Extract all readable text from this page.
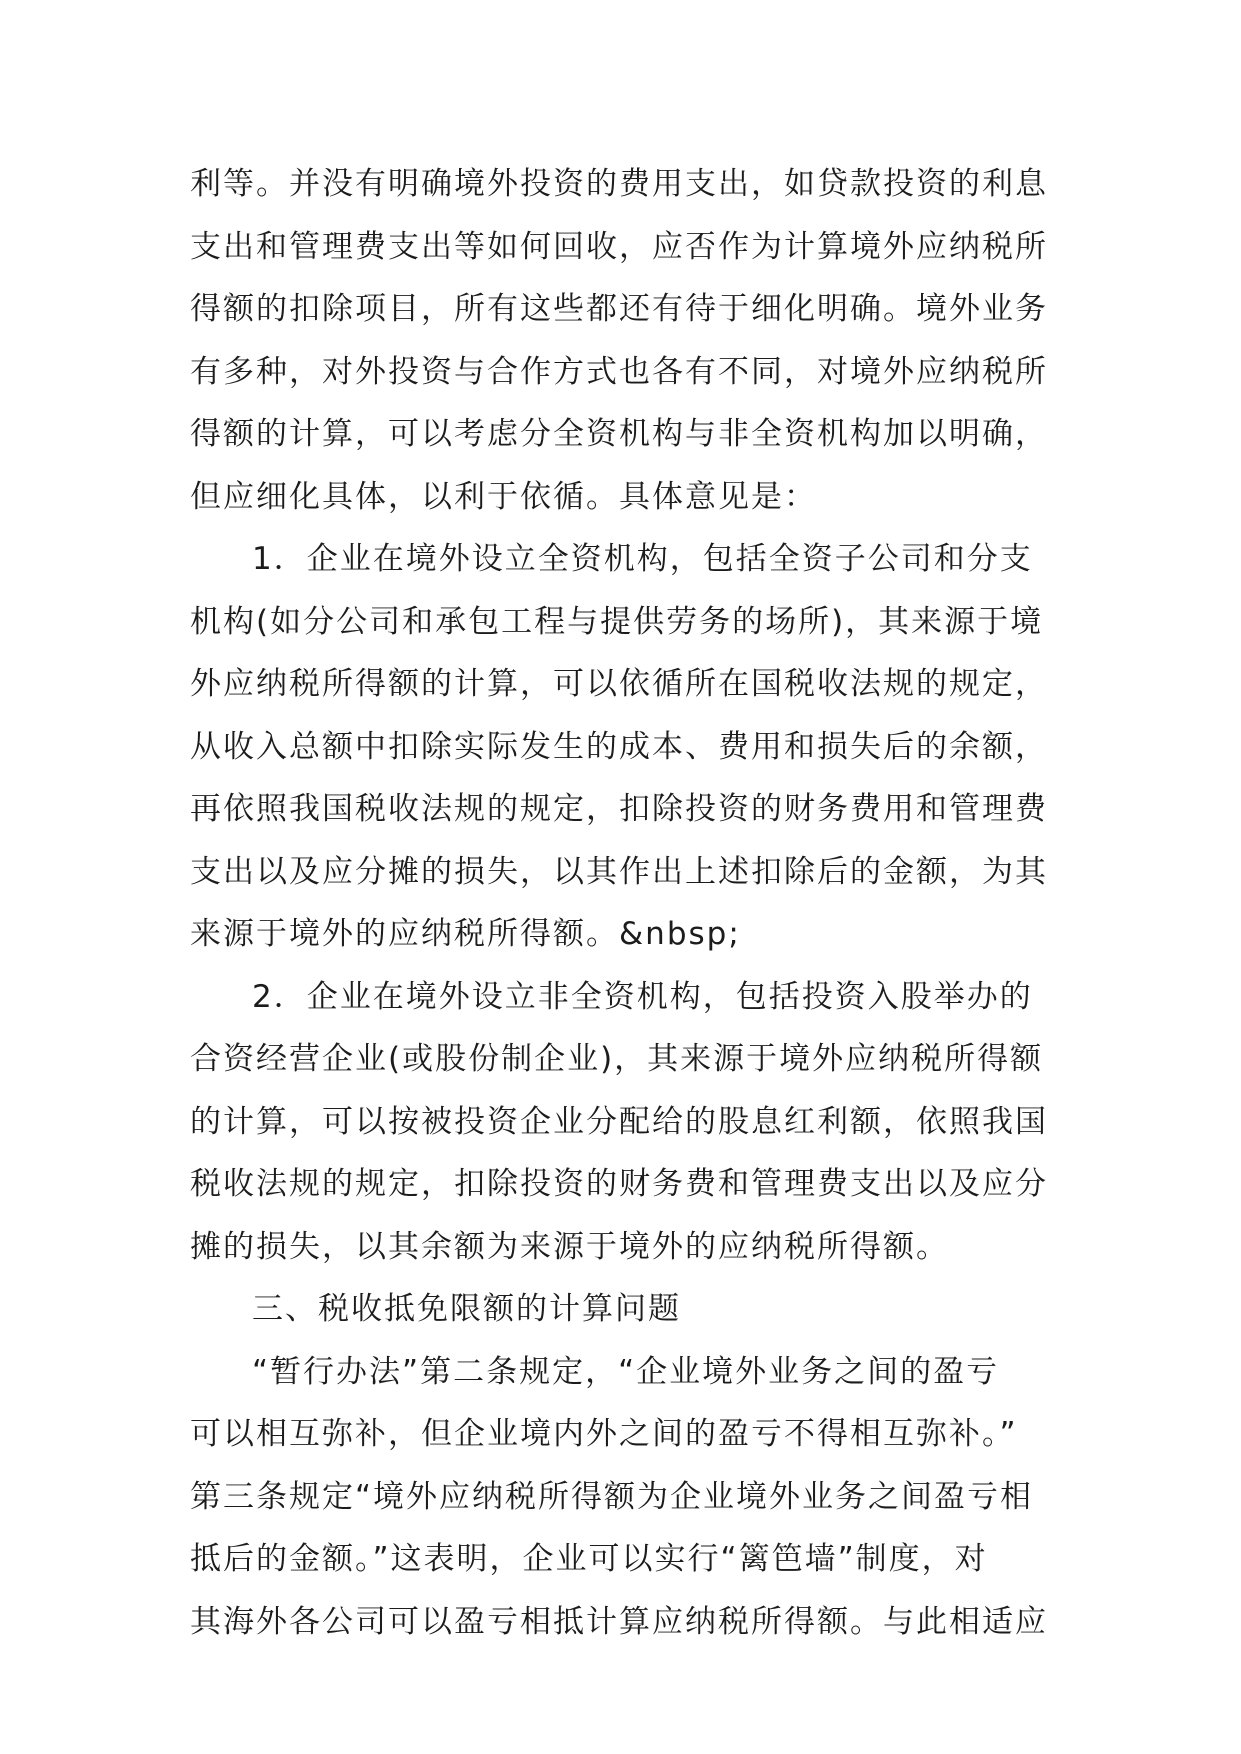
利等。并没有明确境外投资的费用支出，如贷款投资的利息
支出和管理费支出等如何回收，应否作为计算境外应纳税所
得额的扣除项目，所有这些都还有待于细化明确。境外业务
有多种，对外投资与合作方式也各有不同，对境外应纳税所
得额的计算，可以考虑分全资机构与非全资机构加以明确，
但应细化具体，以利于依循。具体意见是：
1．企业在境外设立全资机构，包括全资子公司和分支
机构(如分公司和承包工程与提供劳务的场所)，其来源于境
外应纳税所得额的计算，可以依循所在国税收法规的规定，
从收入总额中扣除实际发生的成本、费用和损失后的余额，
再依照我国税收法规的规定，扣除投资的财务费用和管理费
支出以及应分摊的损失，以其作出上述扣除后的金额，为其
来源于境外的应纳税所得额。&nbsp;
2．企业在境外设立非全资机构，包括投资入股举办的
合资经营企业(或股份制企业)，其来源于境外应纳税所得额
的计算，可以按被投资企业分配给的股息红利额，依照我国
税收法规的规定，扣除投资的财务费和管理费支出以及应分
摊的损失，以其余额为来源于境外的应纳税所得额。
三、税收抵免限额的计算问题
“暂行办法”第二条规定，“企业境外业务之间的盈亏
可以相互弥补，但企业境内外之间的盈亏不得相互弥补。”
第三条规定“境外应纳税所得额为企业境外业务之间盈亏相
抵后的金额。”这表明，企业可以实行“篱笆墙”制度，对
其海外各公司可以盈亏相抵计算应纳税所得额。与此相适应
